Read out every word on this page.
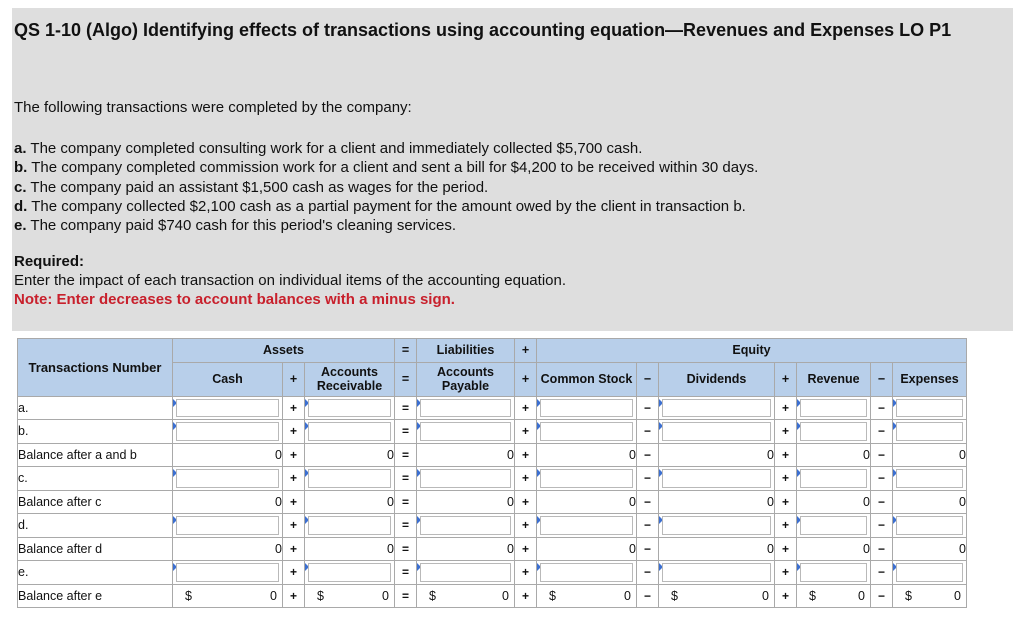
QS 1-10 (Algo) Identifying effects of transactions using accounting equation—Revenues and Expenses LO P1
The following transactions were completed by the company:
a. The company completed consulting work for a client and immediately collected $5,700 cash.
b. The company completed commission work for a client and sent a bill for $4,200 to be received within 30 days.
c. The company paid an assistant $1,500 cash as wages for the period.
d. The company collected $2,100 cash as a partial payment for the amount owed by the client in transaction b.
e. The company paid $740 cash for this period's cleaning services.
Required:
Enter the impact of each transaction on individual items of the accounting equation.
Note: Enter decreases to account balances with a minus sign.
Transactions Number	Assets			=	Liabilities	+	Equity						
	Cash	+	Accounts Receivable	=	Accounts Payable	+	Common Stock	−	Dividends	+	Revenue	−	Expenses
a.		+		=		+		−		+		−	

b.		+		=		+		−		+		−	

Balance after a and b	0	+	0	=	0	+	0	−	0	+	0	−	0
c.		+		=		+		−		+		−	

Balance after c	0	+	0	=	0	+	0	−	0	+	0	−	0
d.		+		=		+		−		+		−	

Balance after d	0	+	0	=	0	+	0	−	0	+	0	−	0
e.		+		=		+		−		+		−	

Balance after e	$ 0	+	$ 0	=	$ 0	+	$ 0	−	$ 0	+	$ 0	−	$ 0
